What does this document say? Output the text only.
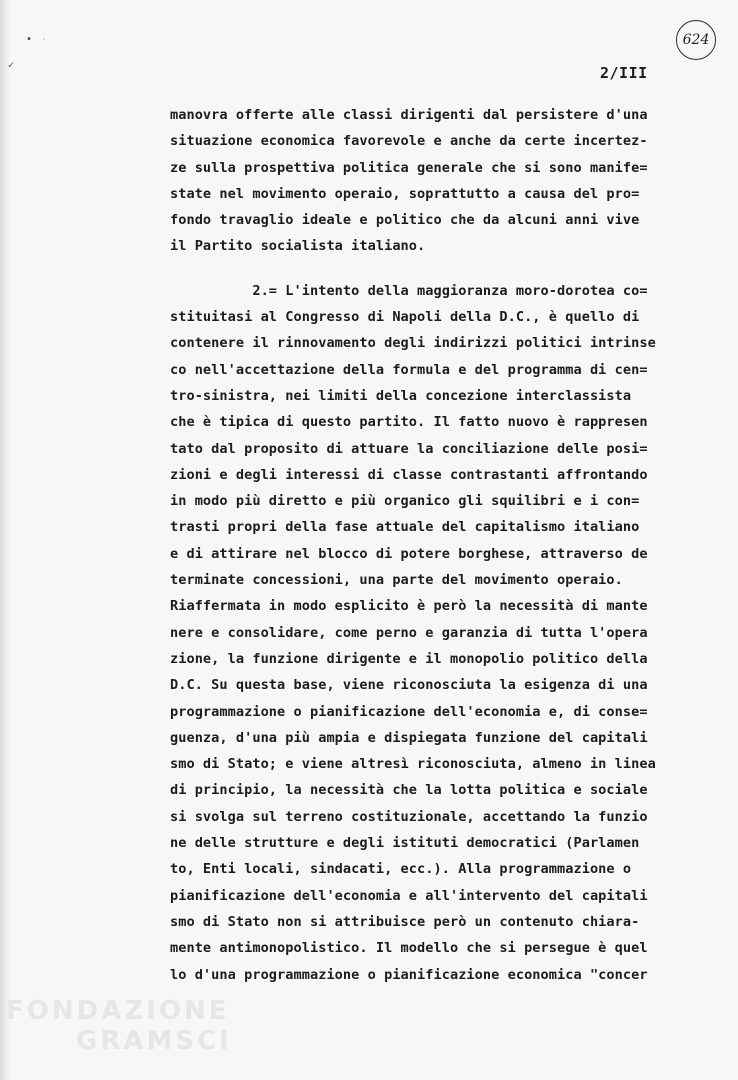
• ·
✓
624
2/III
manovra offerte alle classi dirigenti dal persistere d'una
situazione economica favorevole e anche da certe incertez-
ze sulla prospettiva politica generale che si sono manife=
state nel movimento operaio, soprattutto a causa del pro=
fondo travaglio ideale e politico che da alcuni anni vive
il Partito socialista italiano.
2.= L'intento della maggioranza moro-dorotea co=
stituitasi al Congresso di Napoli della D.C., è quello di
contenere il rinnovamento degli indirizzi politici intrinse
co nell'accettazione della formula e del programma di cen=
tro-sinistra, nei limiti della concezione interclassista
che è tipica di questo partito. Il fatto nuovo è rappresen
tato dal proposito di attuare la conciliazione delle posi=
zioni e degli interessi di classe contrastanti affrontando
in modo più diretto e più organico gli squilibri e i con=
trasti propri della fase attuale del capitalismo italiano
e di attirare nel blocco di potere borghese, attraverso de
terminate concessioni, una parte del movimento operaio.
Riaffermata in modo esplicito è però la necessità di mante
nere e consolidare, come perno e garanzia di tutta l'opera
zione, la funzione dirigente e il monopolio politico della
D.C. Su questa base, viene riconosciuta la esigenza di una
programmazione o pianificazione dell'economia e, di conse=
guenza, d'una più ampia e dispiegata funzione del capitali
smo di Stato; e viene altresì riconosciuta, almeno in linea
di principio, la necessità che la lotta politica e sociale
si svolga sul terreno costituzionale, accettando la funzio
ne delle strutture e degli istituti democratici (Parlamen
to, Enti locali, sindacati, ecc.). Alla programmazione o
pianificazione dell'economia e all'intervento del capitali
smo di Stato non si attribuisce però un contenuto chiara-
mente antimonopolistico. Il modello che si persegue è quel
lo d'una programmazione o pianificazione economica "concer
FONDAZIONE
GRAMSCI
